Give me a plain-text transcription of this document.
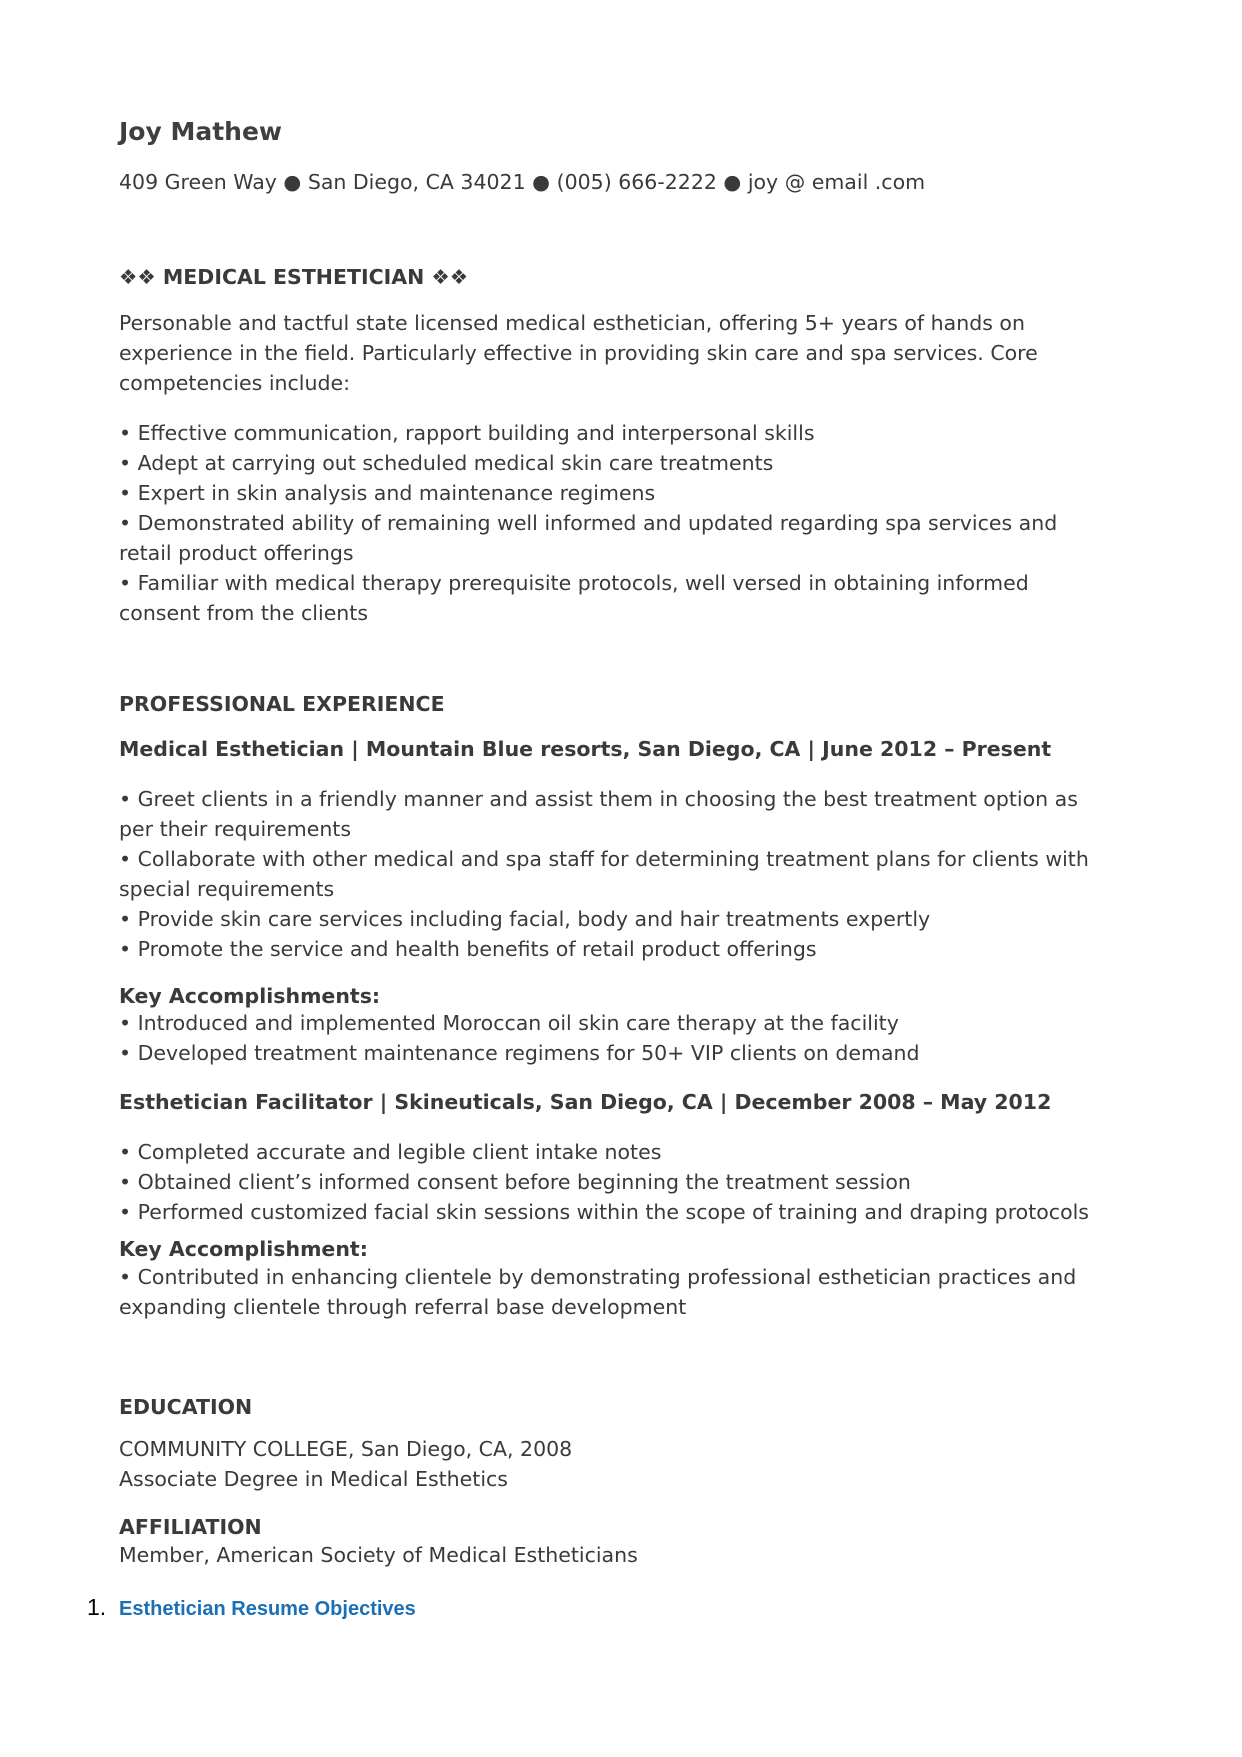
Joy Mathew
409 Green Way ● San Diego, CA 34021 ● (005) 666-2222 ● joy @ email .com
❖❖ MEDICAL ESTHETICIAN ❖❖
Personable and tactful state licensed medical esthetician, offering 5+ years of hands on
experience in the field. Particularly effective in providing skin care and spa services. Core
competencies include:
• Effective communication, rapport building and interpersonal skills
• Adept at carrying out scheduled medical skin care treatments
• Expert in skin analysis and maintenance regimens
• Demonstrated ability of remaining well informed and updated regarding spa services and
retail product offerings
• Familiar with medical therapy prerequisite protocols, well versed in obtaining informed
consent from the clients
PROFESSIONAL EXPERIENCE
Medical Esthetician | Mountain Blue resorts, San Diego, CA | June 2012 – Present
• Greet clients in a friendly manner and assist them in choosing the best treatment option as
per their requirements
• Collaborate with other medical and spa staff for determining treatment plans for clients with
special requirements
• Provide skin care services including facial, body and hair treatments expertly
• Promote the service and health benefits of retail product offerings
Key Accomplishments:
• Introduced and implemented Moroccan oil skin care therapy at the facility
• Developed treatment maintenance regimens for 50+ VIP clients on demand
Esthetician Facilitator | Skineuticals, San Diego, CA | December 2008 – May 2012
• Completed accurate and legible client intake notes
• Obtained client’s informed consent before beginning the treatment session
• Performed customized facial skin sessions within the scope of training and draping protocols
Key Accomplishment:
• Contributed in enhancing clientele by demonstrating professional esthetician practices and
expanding clientele through referral base development
EDUCATION
COMMUNITY COLLEGE, San Diego, CA, 2008
Associate Degree in Medical Esthetics
AFFILIATION
Member, American Society of Medical Estheticians
1. Esthetician Resume Objectives
